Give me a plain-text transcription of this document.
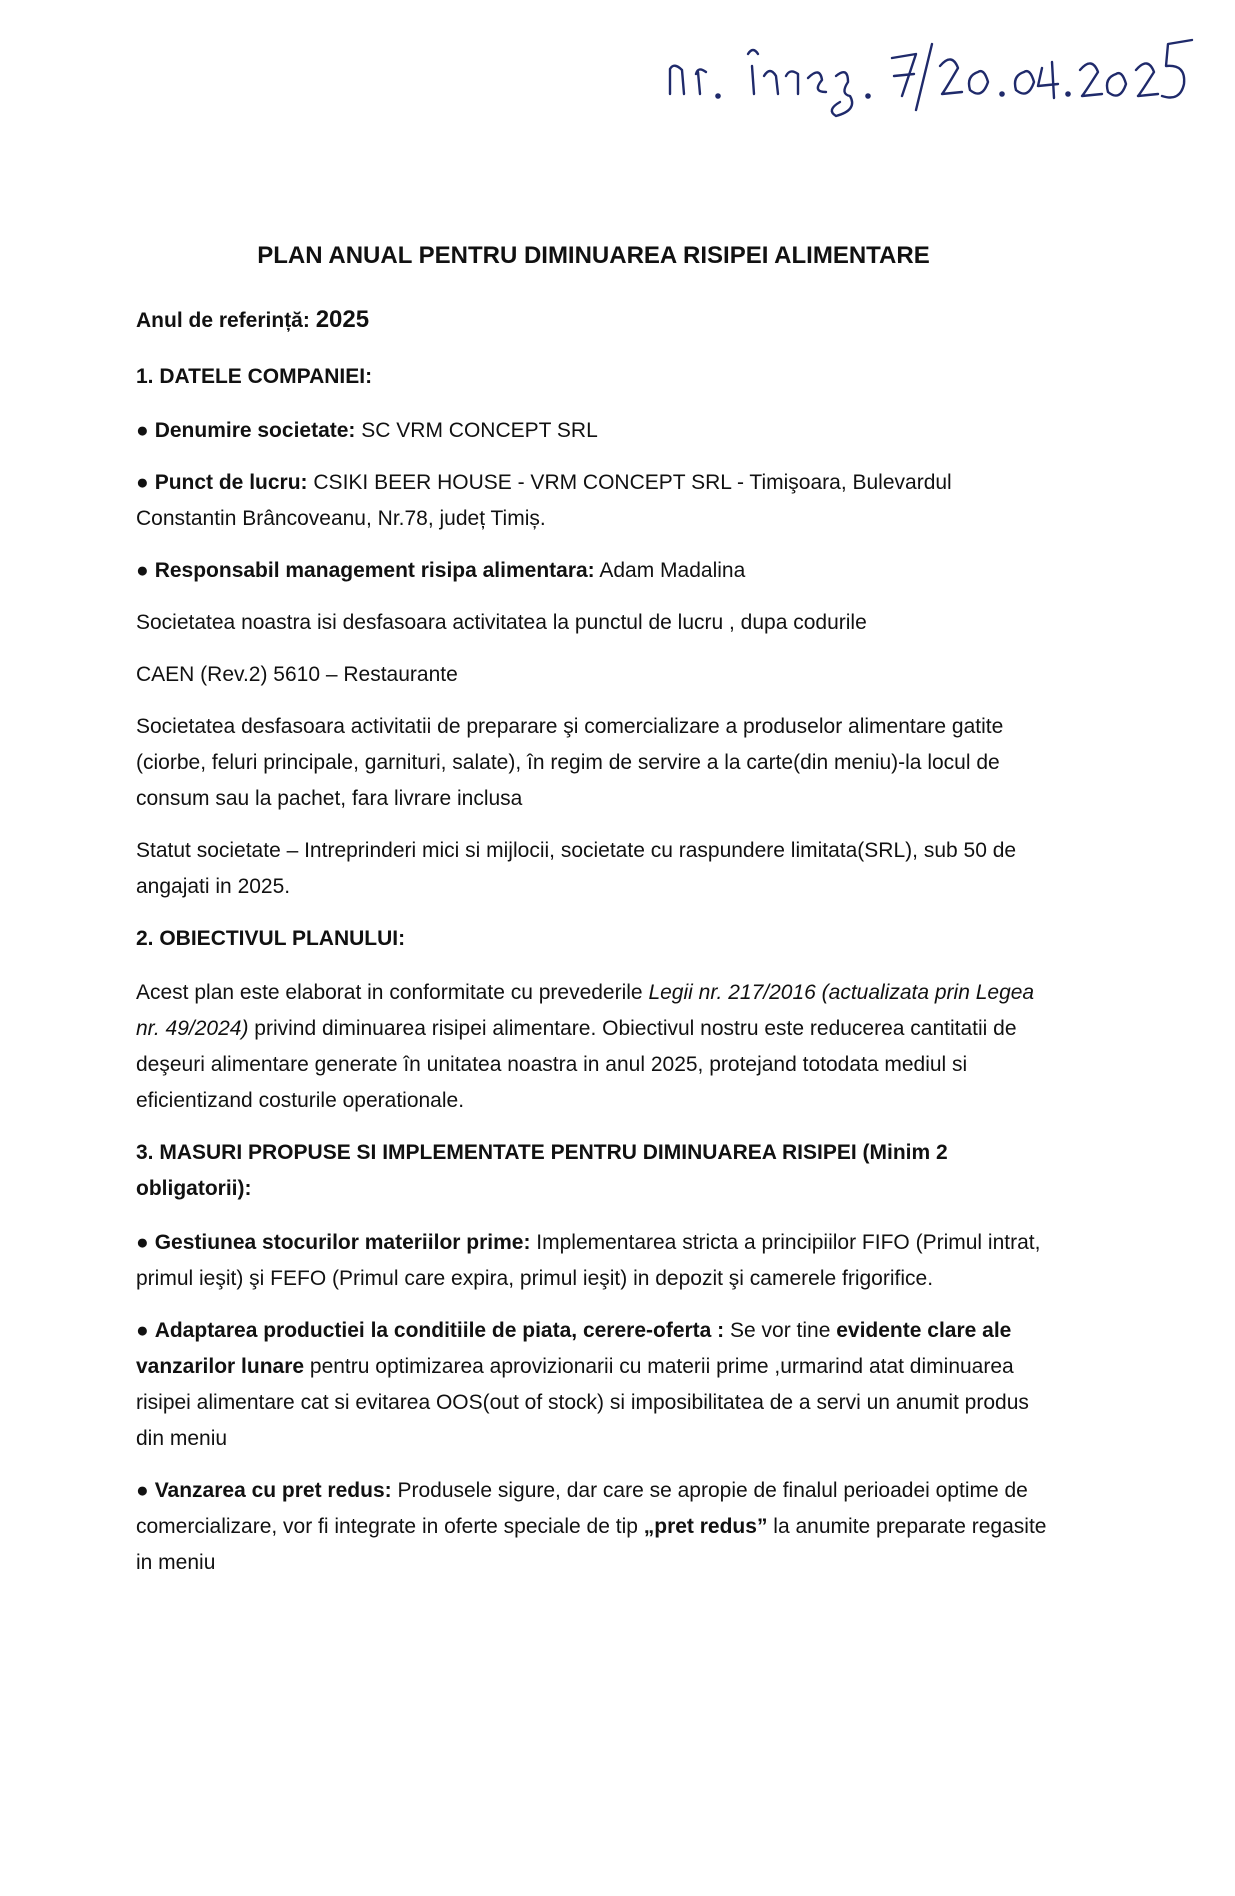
PLAN ANUAL PENTRU DIMINUAREA RISIPEI ALIMENTARE
Anul de referință: 2025
1. DATELE COMPANIEI:
● Denumire societate: SC VRM CONCEPT SRL
● Punct de lucru: CSIKI BEER HOUSE - VRM CONCEPT SRL - Timişoara, Bulevardul Constantin Brâncoveanu, Nr.78, județ Timiș.
● Responsabil management risipa alimentara: Adam Madalina
Societatea noastra isi desfasoara activitatea la punctul de lucru , dupa codurile
CAEN (Rev.2) 5610 – Restaurante
Societatea desfasoara activitatii de preparare şi comercializare a produselor alimentare gatite (ciorbe, feluri principale, garnituri, salate), în regim de servire a la carte(din meniu)-la locul de consum sau la pachet, fara livrare inclusa
Statut societate – Intreprinderi mici si mijlocii, societate cu raspundere limitata(SRL), sub 50 de angajati in 2025.
2. OBIECTIVUL PLANULUI:
Acest plan este elaborat in conformitate cu prevederile Legii nr. 217/2016 (actualizata prin Legea nr. 49/2024) privind diminuarea risipei alimentare. Obiectivul nostru este reducerea cantitatii de deşeuri alimentare generate în unitatea noastra in anul 2025, protejand totodata mediul si eficientizand costurile operationale.
3. MASURI PROPUSE SI IMPLEMENTATE PENTRU DIMINUAREA RISIPEI (Minim 2 obligatorii):
● Gestiunea stocurilor materiilor prime: Implementarea stricta a principiilor FIFO (Primul intrat, primul ieşit) şi FEFO (Primul care expira, primul ieşit) in depozit şi camerele frigorifice.
● Adaptarea productiei la conditiile de piata, cerere-oferta : Se vor tine evidente clare ale vanzarilor lunare pentru optimizarea aprovizionarii cu materii prime ,urmarind atat diminuarea risipei alimentare cat si evitarea OOS(out of stock) si imposibilitatea de a servi un anumit produs din meniu
● Vanzarea cu pret redus: Produsele sigure, dar care se apropie de finalul perioadei optime de comercializare, vor fi integrate in oferte speciale de tip „pret redus” la anumite preparate regasite in meniu
